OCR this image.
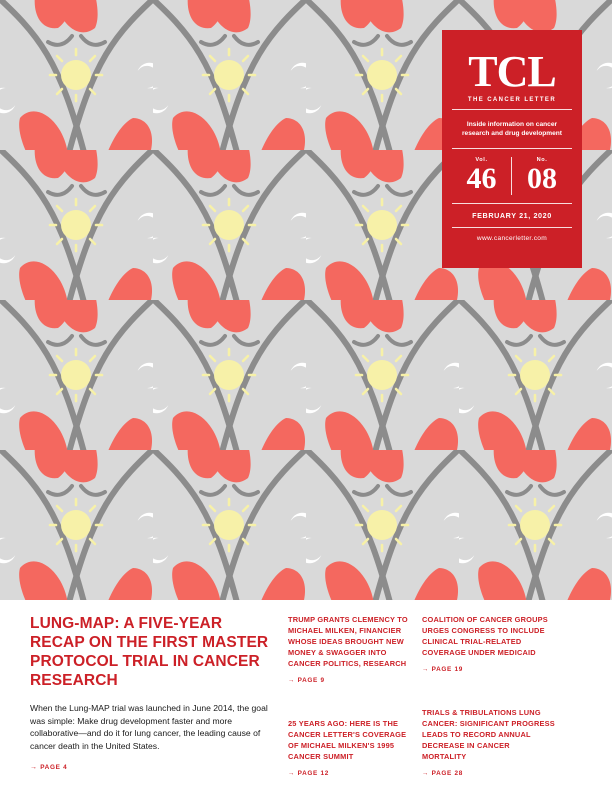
TCL
THE CANCER LETTER
Inside information on cancer research and drug development
Vol.
46
No.
08
FEBRUARY 21, 2020
www.cancerletter.com
LUNG-MAP: A FIVE-YEAR RECAP ON THE FIRST MASTER PROTOCOL TRIAL IN CANCER RESEARCH

When the Lung-MAP trial was launched in June 2014, the goal was simple: Make drug development faster and more collaborative—and do it for lung cancer, the leading cause of cancer death in the United States.

→ PAGE 4

TRUMP GRANTS CLEMENCY TO MICHAEL MILKEN, FINANCIER WHOSE IDEAS BROUGHT NEW MONEY & SWAGGER INTO CANCER POLITICS, RESEARCH

→ PAGE 9

25 YEARS AGO: HERE IS THE CANCER LETTER'S COVERAGE OF MICHAEL MILKEN'S 1995 CANCER SUMMIT

→ PAGE 12

COALITION OF CANCER GROUPS URGES CONGRESS TO INCLUDE CLINICAL TRIAL-RELATED COVERAGE UNDER MEDICAID

→ PAGE 19

TRIALS & TRIBULATIONS LUNG CANCER: SIGNIFICANT PROGRESS LEADS TO RECORD ANNUAL DECREASE IN CANCER MORTALITY

→ PAGE 28
